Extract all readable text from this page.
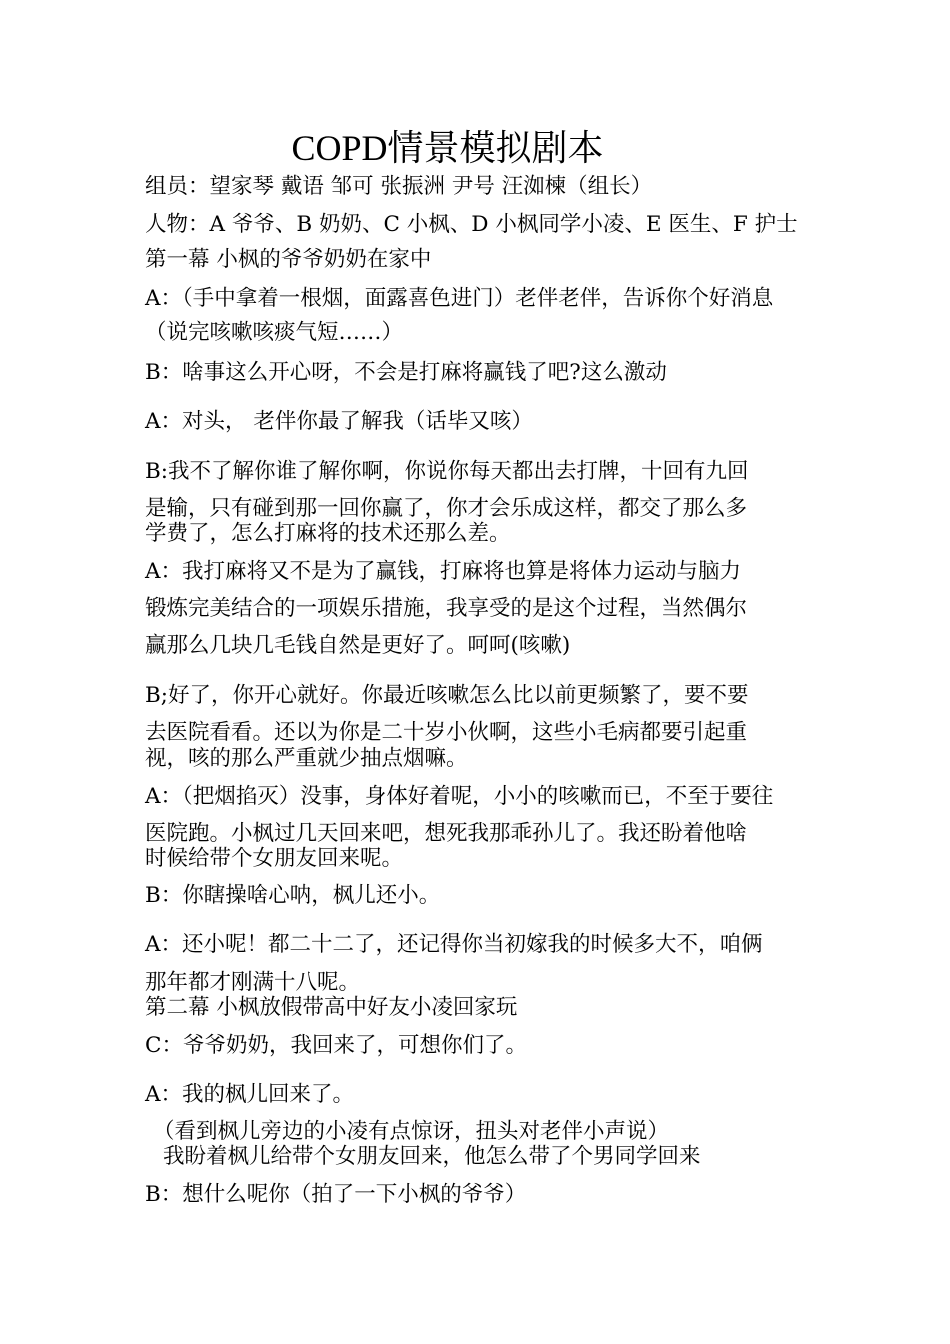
COPD情景模拟剧本
组员：望家琴 戴语 邹可 张振洲 尹号 汪洳楝（组长）
人物：A 爷爷、B 奶奶、C 小枫、D 小枫同学小凌、E 医生、F 护士
第一幕 小枫的爷爷奶奶在家中
A：（手中拿着一根烟，面露喜色进门）老伴老伴，告诉你个好消息
（说完咳嗽咳痰气短……）
B：啥事这么开心呀，不会是打麻将赢钱了吧?这么激动
A：对头， 老伴你最了解我（话毕又咳）
B:我不了解你谁了解你啊，你说你每天都出去打牌，十回有九回
是输，只有碰到那一回你赢了，你才会乐成这样，都交了那么多
学费了，怎么打麻将的技术还那么差。
A：我打麻将又不是为了赢钱，打麻将也算是将体力运动与脑力
锻炼完美结合的一项娱乐措施，我享受的是这个过程，当然偶尔
赢那么几块几毛钱自然是更好了。呵呵(咳嗽)
B;好了，你开心就好。你最近咳嗽怎么比以前更频繁了，要不要
去医院看看。还以为你是二十岁小伙啊，这些小毛病都要引起重
视，咳的那么严重就少抽点烟嘛。
A：（把烟掐灭）没事，身体好着呢，小小的咳嗽而已，不至于要往
医院跑。小枫过几天回来吧，想死我那乖孙儿了。我还盼着他啥
时候给带个女朋友回来呢。
B：你瞎操啥心呐，枫儿还小。
A：还小呢！都二十二了，还记得你当初嫁我的时候多大不，咱俩
那年都才刚满十八呢。
第二幕 小枫放假带高中好友小凌回家玩
C：爷爷奶奶，我回来了，可想你们了。
A：我的枫儿回来了。
（看到枫儿旁边的小凌有点惊讶，扭头对老伴小声说）
我盼着枫儿给带个女朋友回来，他怎么带了个男同学回来
B：想什么呢你（拍了一下小枫的爷爷）
